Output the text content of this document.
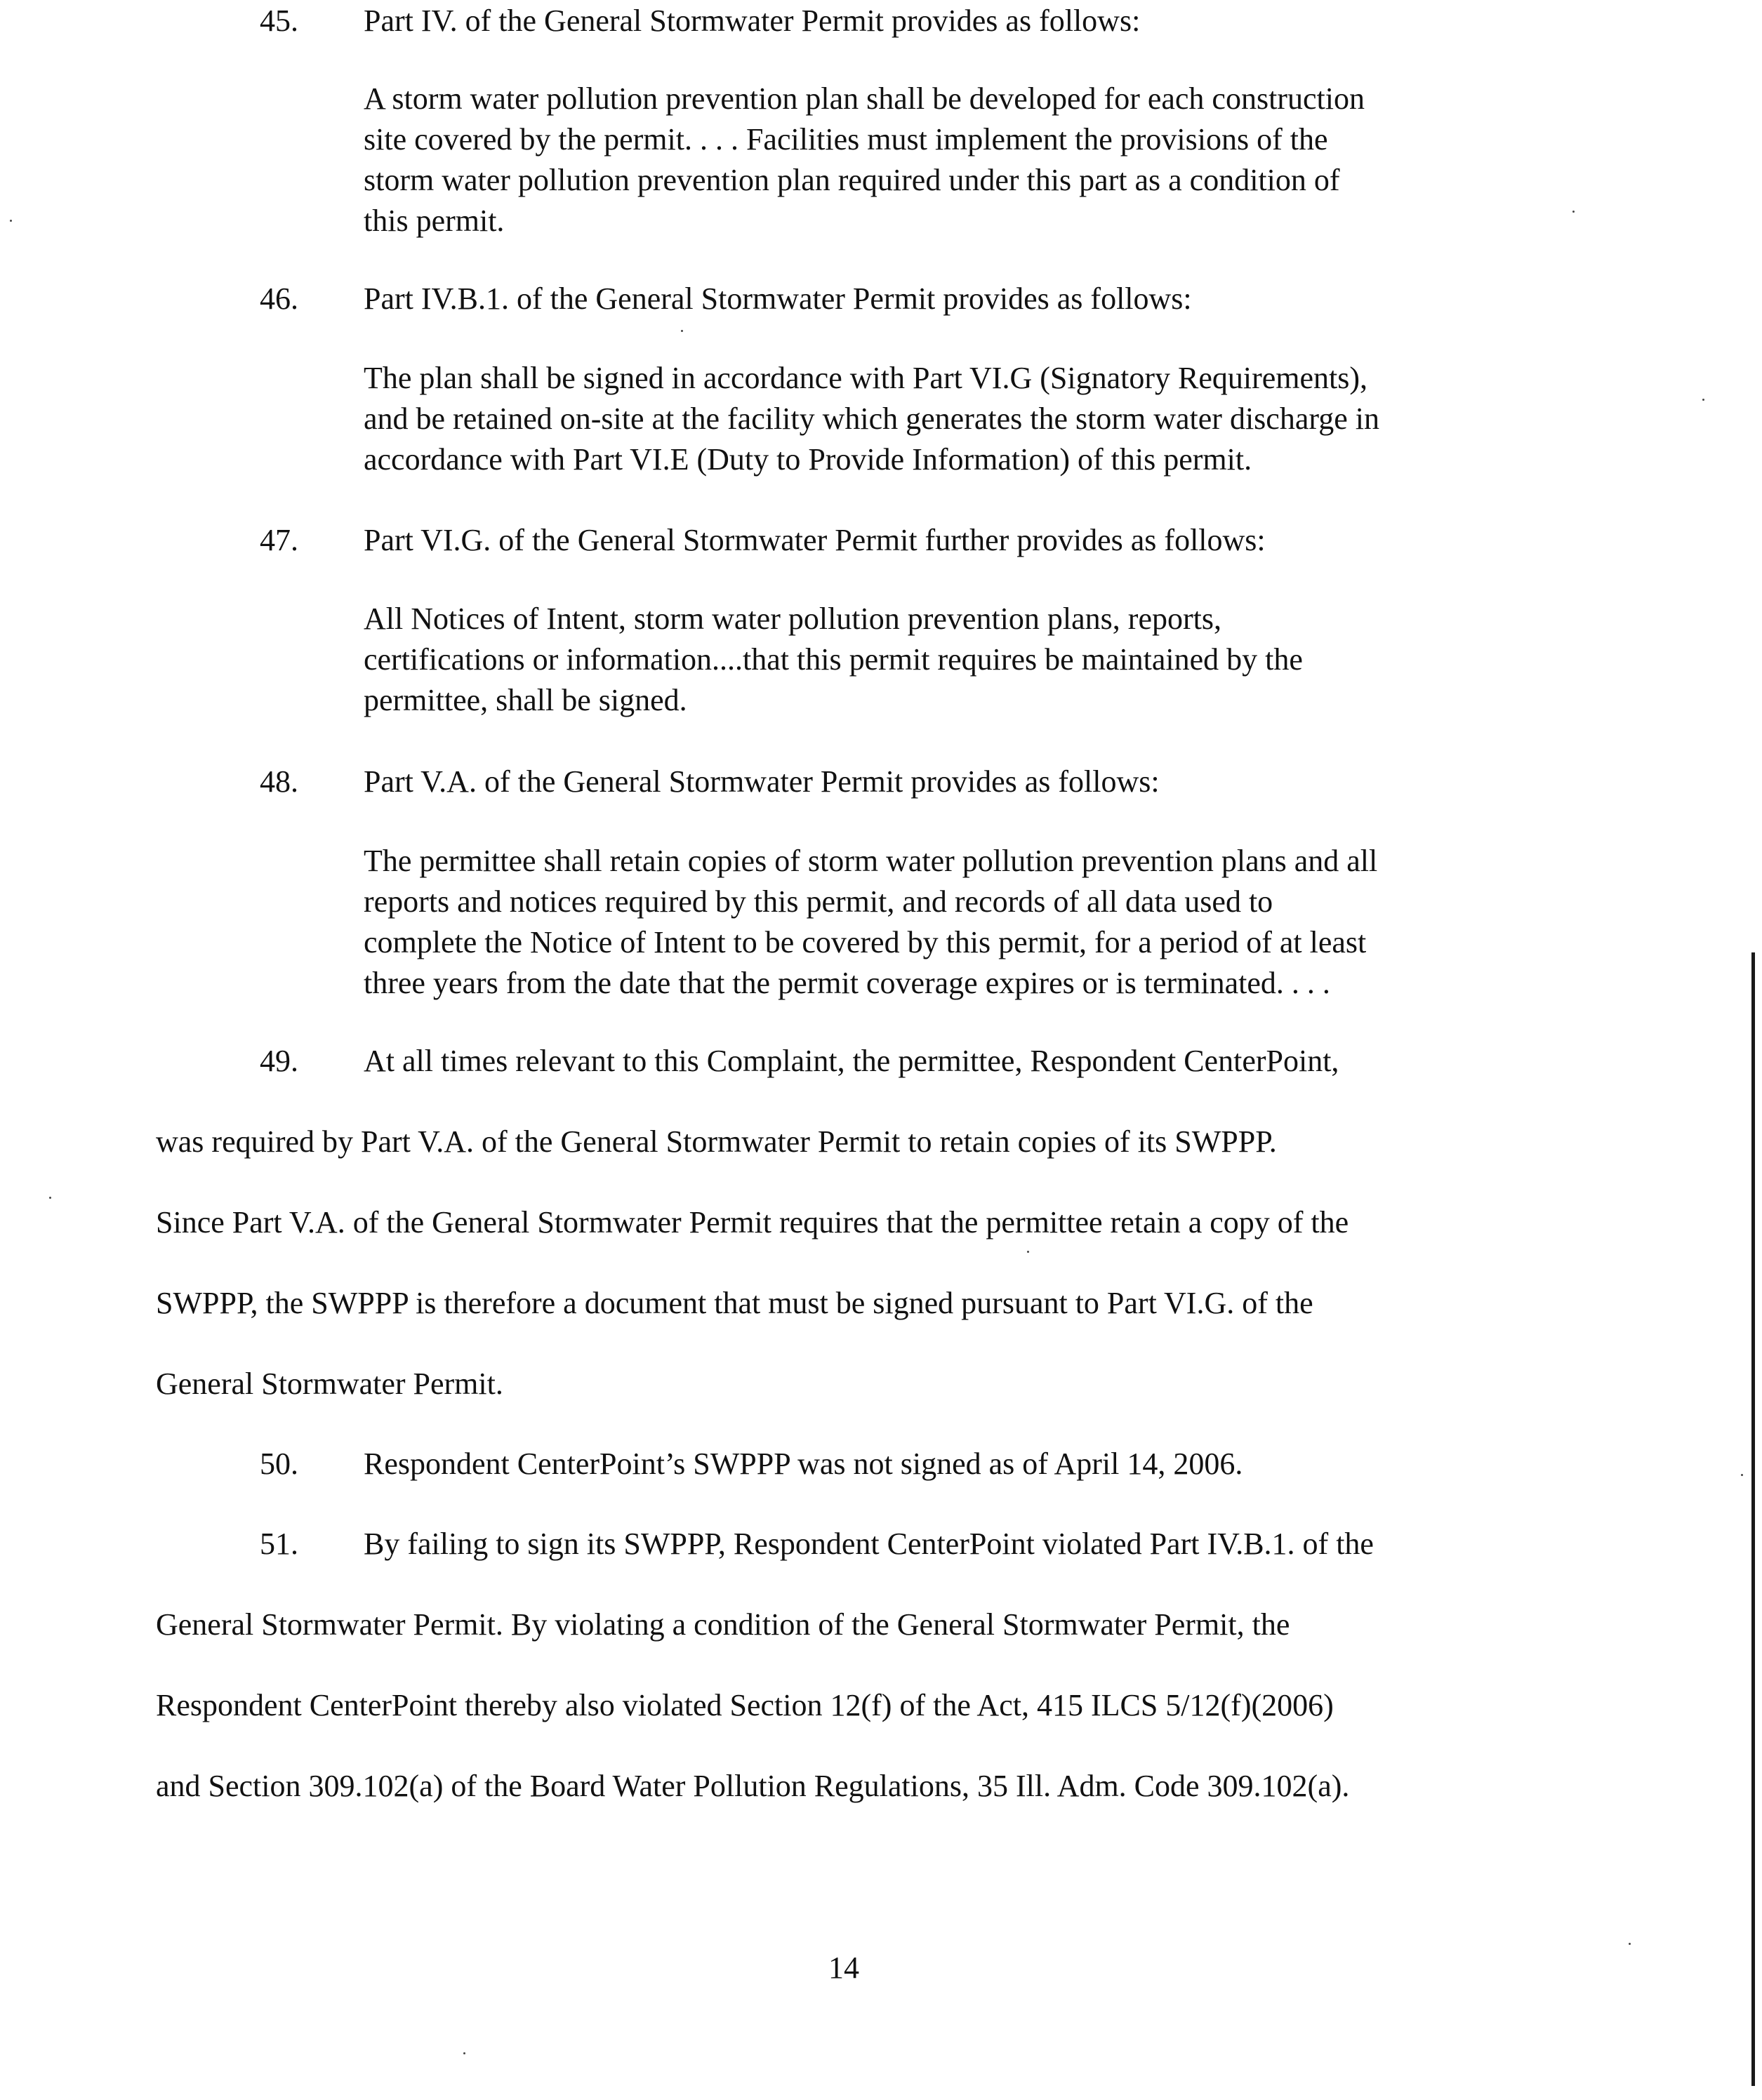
45. Part IV. of the General Stormwater Permit provides as follows:
A storm water pollution prevention plan shall be developed for each construction
site covered by the permit. . . . Facilities must implement the provisions of the
storm water pollution prevention plan required under this part as a condition of
this permit.
46. Part IV.B.1. of the General Stormwater Permit provides as follows:
The plan shall be signed in accordance with Part VI.G (Signatory Requirements),
and be retained on-site at the facility which generates the storm water discharge in
accordance with Part VI.E (Duty to Provide Information) of this permit.
47. Part VI.G. of the General Stormwater Permit further provides as follows:
All Notices of Intent, storm water pollution prevention plans, reports,
certifications or information....that this permit requires be maintained by the
permittee, shall be signed.
48. Part V.A. of the General Stormwater Permit provides as follows:
The permittee shall retain copies of storm water pollution prevention plans and all
reports and notices required by this permit, and records of all data used to
complete the Notice of Intent to be covered by this permit, for a period of at least
three years from the date that the permit coverage expires or is terminated. . . .
49. At all times relevant to this Complaint, the permittee, Respondent CenterPoint,
was required by Part V.A. of the General Stormwater Permit to retain copies of its SWPPP.
Since Part V.A. of the General Stormwater Permit requires that the permittee retain a copy of the
SWPPP, the SWPPP is therefore a document that must be signed pursuant to Part VI.G. of the
General Stormwater Permit.
50. Respondent CenterPoint’s SWPPP was not signed as of April 14, 2006.
51. By failing to sign its SWPPP, Respondent CenterPoint violated Part IV.B.1. of the
General Stormwater Permit. By violating a condition of the General Stormwater Permit, the
Respondent CenterPoint thereby also violated Section 12(f) of the Act, 415 ILCS 5/12(f)(2006)
and Section 309.102(a) of the Board Water Pollution Regulations, 35 Ill. Adm. Code 309.102(a).
14
